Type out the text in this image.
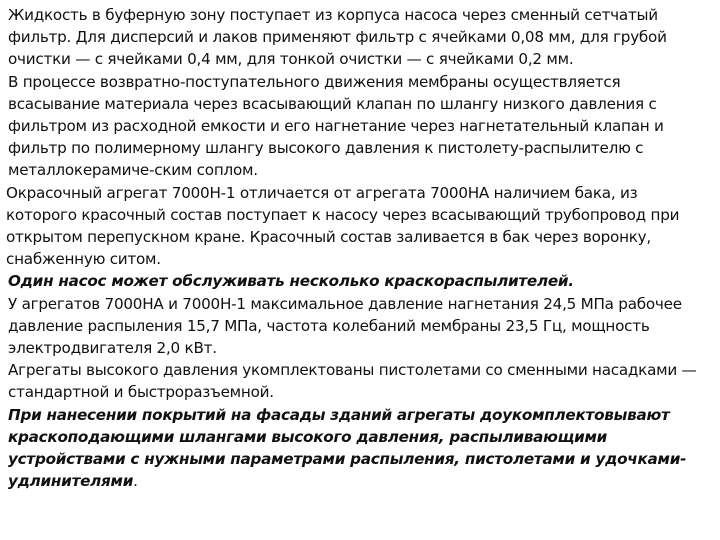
Жидкость в буферную зону поступает из корпуса насоса через сменный сетчатый фильтр. Для дисперсий и лаков применяют фильтр с ячейками 0,08 мм, для грубой очистки — с ячейками 0,4 мм, для тонкой очистки — с ячейками 0,2 мм.

В процессе возвратно-поступательного движения мембраны осуществляется всасывание материала через всасывающий клапан по шлангу низкого давления с фильтром из расходной емкости и его нагнетание через нагнетательный клапан и фильтр по полимерному шлангу высокого давления к пистолету-распылителю с металлокерамиче-ским соплом.

Окрасочный агрегат 7000Н-1 отличается от агрегата 7000НА наличием бака, из которого красочный состав поступает к насосу через всасывающий трубопровод при открытом перепускном кране. Красочный состав заливается в бак через воронку, снабженную ситом.

Один насос может обслуживать несколько краскораспылителей.

У агрегатов 7000НА и 7000Н-1 максимальное давление нагнетания 24,5 МПа рабочее давление распыления 15,7 МПа, частота колебаний мембраны 23,5 Гц, мощность электродвигателя 2,0 кВт.

Агрегаты высокого давления укомплектованы пистолетами со сменными насадками — стандартной и быстроразъемной.

При нанесении покрытий на фасады зданий агрегаты доукомплектовывают краскоподающими шлангами высокого давления, распыливающими устройствами с нужными параметрами распыления, пистолетами и удочками-удлинителями.
